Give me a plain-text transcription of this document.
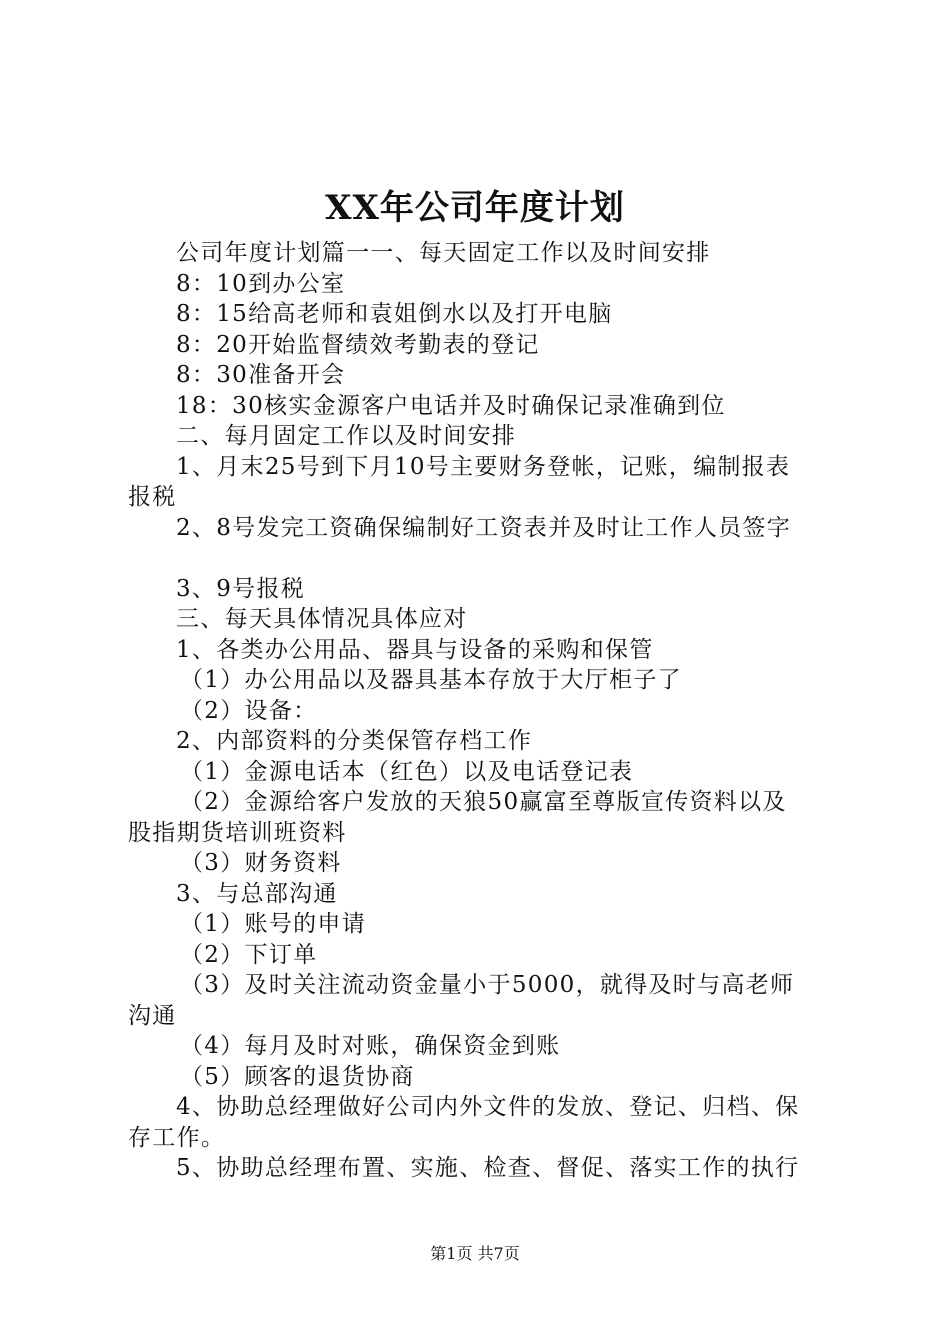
XX年公司年度计划
公司年度计划篇一一、每天固定工作以及时间安排
8：10到办公室
8：15给高老师和袁姐倒水以及打开电脑
8：20开始监督绩效考勤表的登记
8：30准备开会
18：30核实金源客户电话并及时确保记录准确到位
二、每月固定工作以及时间安排
1、月末25号到下月10号主要财务登帐，记账，编制报表
报税
2、8号发完工资确保编制好工资表并及时让工作人员签字
3、9号报税
三、每天具体情况具体应对
1、各类办公用品、器具与设备的采购和保管
（1）办公用品以及器具基本存放于大厅柜子了
（2）设备：
2、内部资料的分类保管存档工作
（1）金源电话本（红色）以及电话登记表
（2）金源给客户发放的天狼50赢富至尊版宣传资料以及
股指期货培训班资料
（3）财务资料
3、与总部沟通
（1）账号的申请
（2）下订单
（3）及时关注流动资金量小于5000，就得及时与高老师
沟通
（4）每月及时对账，确保资金到账
（5）顾客的退货协商
4、协助总经理做好公司内外文件的发放、登记、归档、保
存工作。
5、协助总经理布置、实施、检查、督促、落实工作的执行
第1页 共7页
